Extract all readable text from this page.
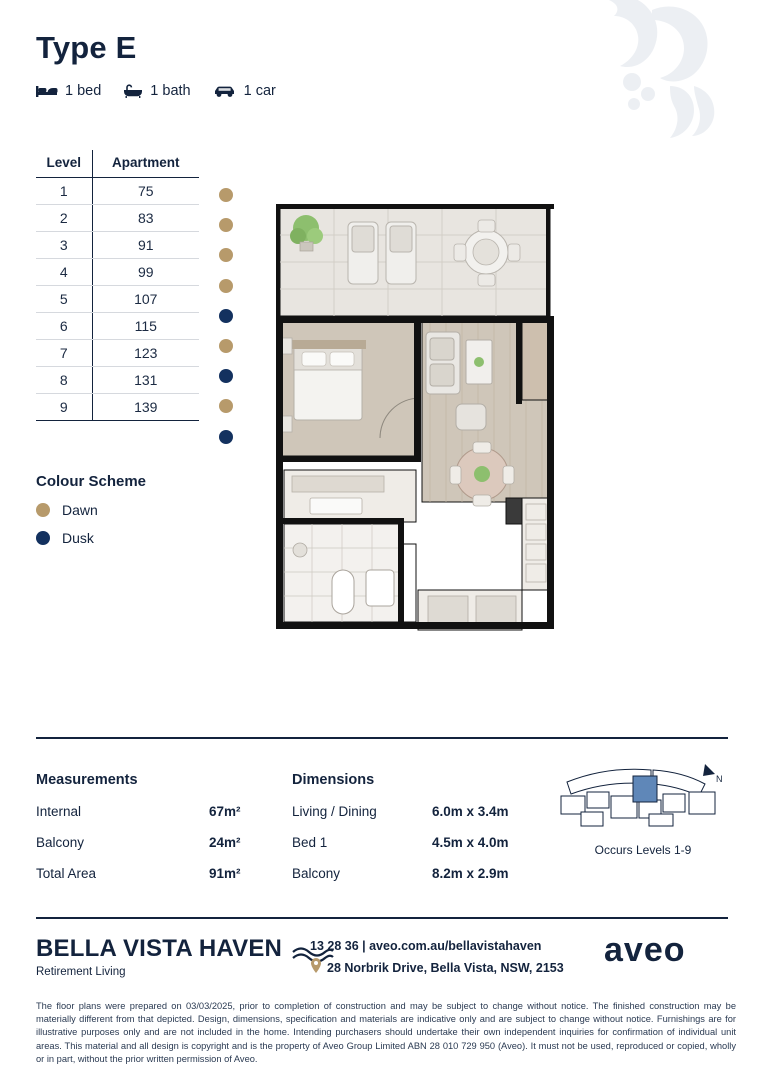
Type E
1 bed	1 bath	1 car
Level	Apartment
1	75
2	83
3	91
4	99
5	107
6	115
7	123
8	131
9	139
Colour Scheme
Dawn
Dusk
Measurements
Internal	67m²
Balcony	24m²
Total Area	91m²
Dimensions
Living / Dining	6.0m x 3.4m
Bed 1	4.5m x 4.0m
Balcony	8.2m x 2.9m
N
Occurs Levels 1-9
BELLA VISTA HAVEN
Retirement Living
13 28 36 | aveo.com.au/bellavistahaven
28 Norbrik Drive, Bella Vista, NSW, 2153 aveo
The floor plans were prepared on 03/03/2025, prior to completion of construction and may be subject to change without notice. The finished construction may be materially different from that depicted. Design, dimensions, specification and materials are indicative only and are subject to change without notice. Furnishings are for illustrative purposes only and are not included in the home. Intending purchasers should undertake their own independent inquiries for confirmation of individual unit areas. This material and all design is copyright and is the property of Aveo Group Limited ABN 28 010 729 950 (Aveo). It must not be used, reproduced or copied, wholly or in part, without the prior written permission of Aveo.
